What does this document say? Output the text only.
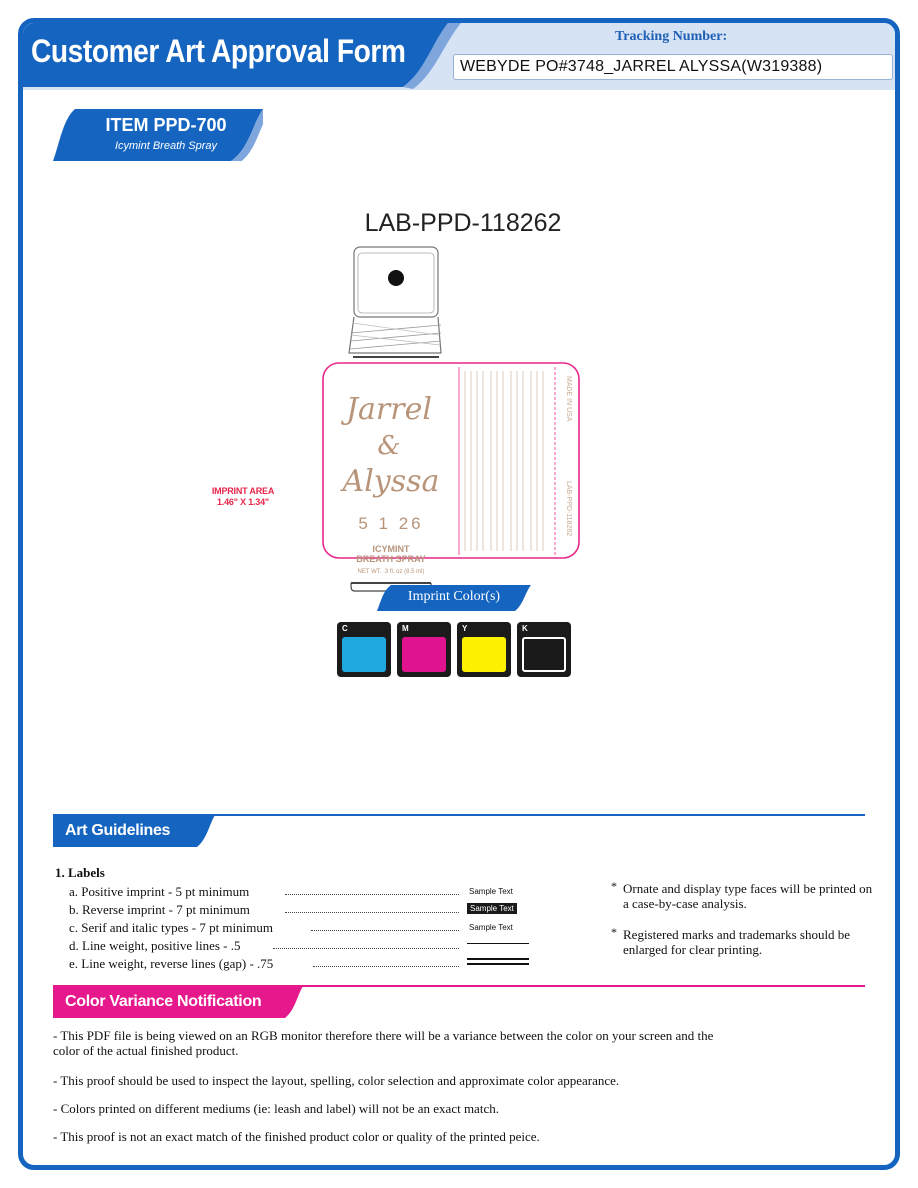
Customer Art Approval Form	Tracking Number:
WEBYDE PO#3748_JARREL ALYSSA(W319388)
ITEM PPD-700
Icymint Breath Spray
LAB-PPD-118262
LAB-PPD-118262
MADE IN USA
Jarrel
&
Alyssa
5 1 26
ICYMINT
BREATH SPRAY
NET WT. .3 fl. oz (8.5 ml)
IMPRINT AREA
1.46" X 1.34"
Imprint Color(s)
C	M	Y	K
Art Guidelines
1. Labels
a. Positive imprint - 5 pt minimum	Sample Text
b. Reverse imprint - 7 pt minimum	Sample Text
c. Serif and italic types - 7 pt minimum	Sample Text
d. Line weight, positive lines - .5
e. Line weight, reverse lines (gap) - .75
* Ornate and display type faces will be printed on a case-by-case analysis.
* Registered marks and trademarks should be enlarged for clear printing.
Color Variance Notification
- This PDF file is being viewed on an RGB monitor therefore there will be a variance between the color on your screen and the color of the actual finished product.
- This proof should be used to inspect the layout, spelling, color selection and approximate color appearance.
- Colors printed on different mediums (ie: leash and label) will not be an exact match.
- This proof is not an exact match of the finished product color or quality of the printed peice.
